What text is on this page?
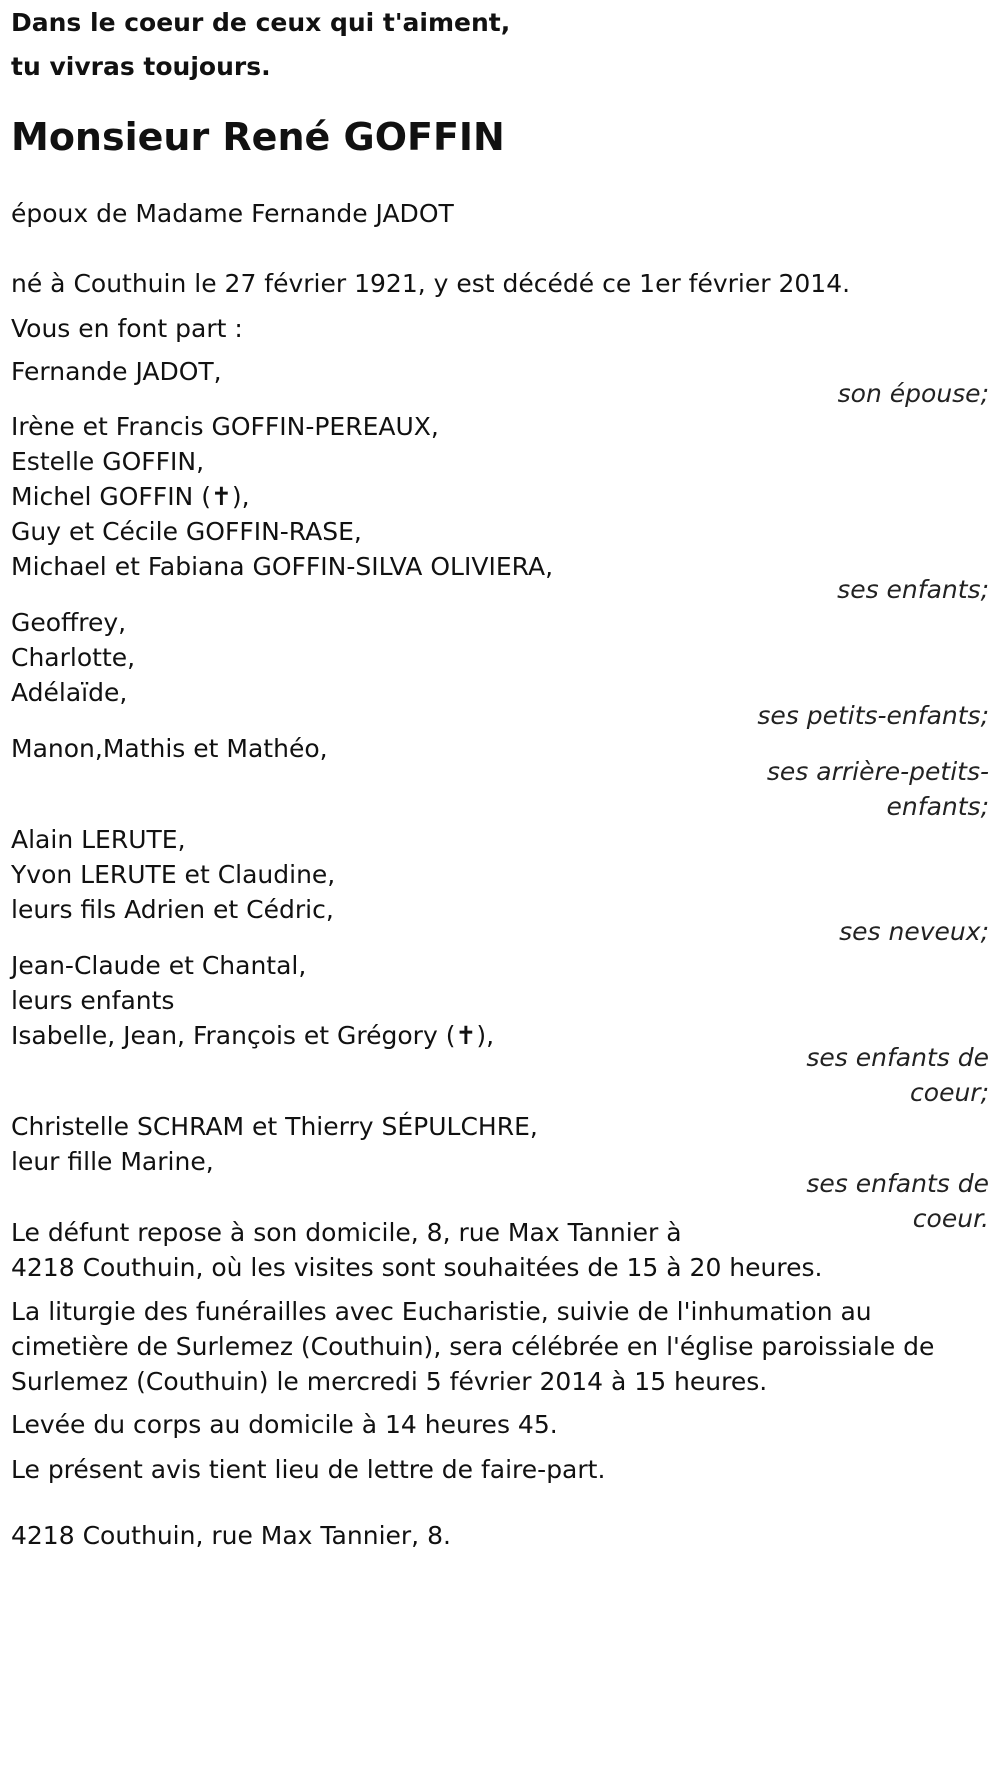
Dans le coeur de ceux qui t'aiment,
tu vivras toujours.
Monsieur René GOFFIN
époux de Madame Fernande JADOT
né à Couthuin le 27 février 1921, y est décédé ce 1er février 2014.
Vous en font part :
Fernande JADOT,
son épouse;
Irène et Francis GOFFIN-PEREAUX,
Estelle GOFFIN,
Michel GOFFIN (✝),
Guy et Cécile GOFFIN-RASE,
Michael et Fabiana GOFFIN-SILVA OLIVIERA,
ses enfants;
Geoffrey,
Charlotte,
Adélaïde,
ses petits-enfants;
Manon,Mathis et Mathéo,
ses arrière-petits-
enfants;
Alain LERUTE,
Yvon LERUTE et Claudine,
leurs fils Adrien et Cédric,
ses neveux;
Jean-Claude et Chantal,
leurs enfants
Isabelle, Jean, François et Grégory (✝),
ses enfants de
coeur;
Christelle SCHRAM et Thierry SÉPULCHRE,
leur fille Marine,
ses enfants de
coeur.
Le défunt repose à son domicile, 8, rue Max Tannier à
4218 Couthuin, où les visites sont souhaitées de 15 à 20 heures.
La liturgie des funérailles avec Eucharistie, suivie de l'inhumation au
cimetière de Surlemez (Couthuin), sera célébrée en l'église paroissiale de
Surlemez (Couthuin) le mercredi 5 février 2014 à 15 heures.
Levée du corps au domicile à 14 heures 45.
Le présent avis tient lieu de lettre de faire-part.
4218 Couthuin, rue Max Tannier, 8.
